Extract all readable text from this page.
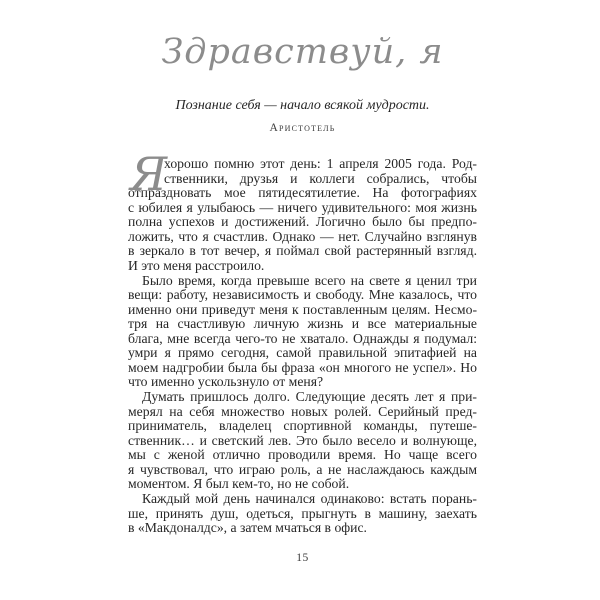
Здравствуй, я
Познание себя — начало всякой мудрости.
Аристотель
Я
хорошо помню этот день: 1 апреля 2005 года. Род-
ственники, друзья и коллеги собрались, чтобы
отпраздновать мое пятидесятилетие. На фотографиях
с юбилея я улыбаюсь — ничего удивительного: моя жизнь
полна успехов и достижений. Логично было бы предпо-
ложить, что я счастлив. Однако — нет. Случайно взглянув
в зеркало в тот вечер, я поймал свой растерянный взгляд.
И это меня расстроило.
Было время, когда превыше всего на свете я ценил три
вещи: работу, независимость и свободу. Мне казалось, что
именно они приведут меня к поставленным целям. Несмо-
тря на счастливую личную жизнь и все материальные
блага, мне всегда чего-то не хватало. Однажды я подумал:
умри я прямо сегодня, самой правильной эпитафией на
моем надгробии была бы фраза «он многого не успел». Но
что именно ускользнуло от меня?
Думать пришлось долго. Следующие десять лет я при-
мерял на себя множество новых ролей. Серийный пред-
приниматель, владелец спортивной команды, путеше-
ственник… и светский лев. Это было весело и волнующе,
мы с женой отлично проводили время. Но чаще всего
я чувствовал, что играю роль, а не наслаждаюсь каждым
моментом. Я был кем-то, но не собой.
Каждый мой день начинался одинаково: встать порань-
ше, принять душ, одеться, прыгнуть в машину, заехать
в «Макдоналдс», а затем мчаться в офис.
15
